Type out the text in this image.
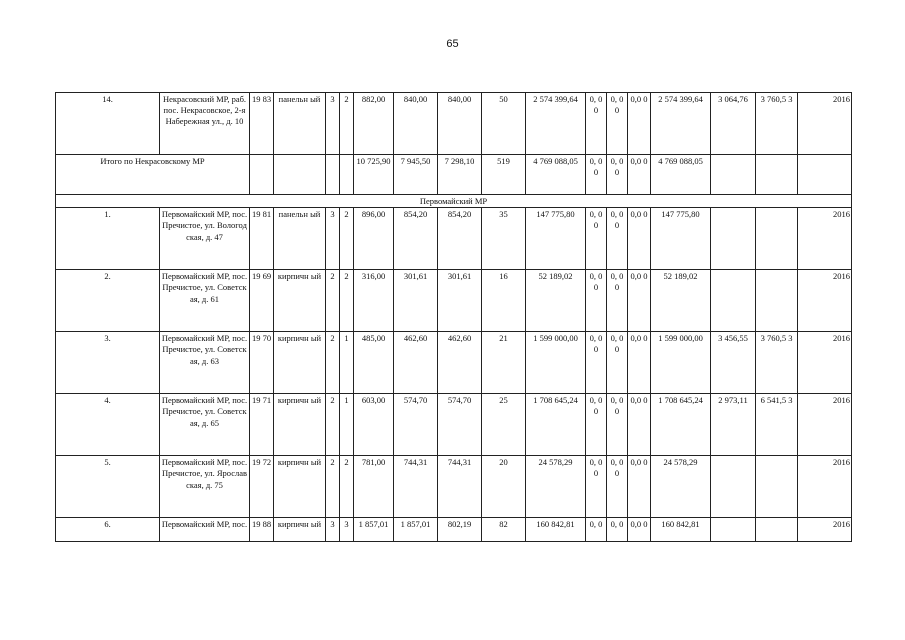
65
14.	Некрасовский МР, раб. пос. Некрасовское, 2-я Набережная ул., д. 10	19 83	панельн ый	3	2	882,00	840,00	840,00	50	2 574 399,64	0, 0 0	0, 0 0	0,0 0	2 574 399,64	3 064,76	3 760,5 3	2016
Итого по Некрасовскому МР						10 725,90	7 945,50	7 298,10	519	4 769 088,05	0, 0 0	0, 0 0	0,0 0	4 769 088,05			
Первомайский МР																	
1.	Первомайский МР, пос. Пречистое, ул. Вологодская, д. 47	19 81	панельн ый	3	2	896,00	854,20	854,20	35	147 775,80	0, 0 0	0, 0 0	0,0 0	147 775,80			2016
2.	Первомайский МР, пос. Пречистое, ул. Советская, д. 61	19 69	кирпичн ый	2	2	316,00	301,61	301,61	16	52 189,02	0, 0 0	0, 0 0	0,0 0	52 189,02			2016
3.	Первомайский МР, пос. Пречистое, ул. Советская, д. 63	19 70	кирпичн ый	2	1	485,00	462,60	462,60	21	1 599 000,00	0, 0 0	0, 0 0	0,0 0	1 599 000,00	3 456,55	3 760,5 3	2016
4.	Первомайский МР, пос. Пречистое, ул. Советская, д. 65	19 71	кирпичн ый	2	1	603,00	574,70	574,70	25	1 708 645,24	0, 0 0	0, 0 0	0,0 0	1 708 645,24	2 973,11	6 541,5 3	2016
5.	Первомайский МР, пос. Пречистое, ул. Ярославская, д. 75	19 72	кирпичн ый	2	2	781,00	744,31	744,31	20	24 578,29	0, 0 0	0, 0 0	0,0 0	24 578,29			2016
6.	Первомайский МР, пос.	19 88	кирпичн ый	3	3	1 857,01	1 857,01	802,19	82	160 842,81	0, 0	0, 0	0,0 0	160 842,81			2016
